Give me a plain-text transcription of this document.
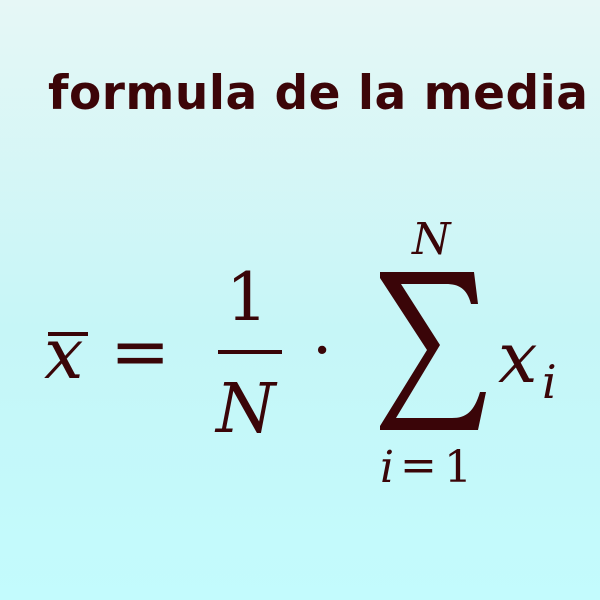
formula de la media
x =
1
N
·
N
i = 1
x i
